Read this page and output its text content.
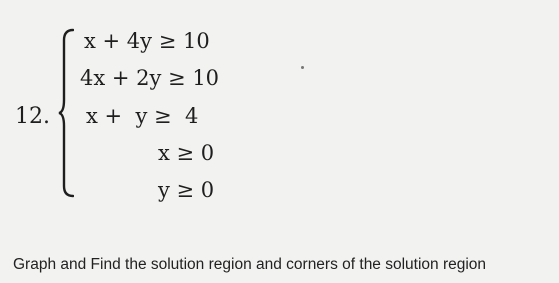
12.
x + 4y ≥ 10
4x + 2y ≥ 10
x +  y ≥  4
x ≥ 0
y ≥ 0
Graph and Find the solution region and corners of the solution region
